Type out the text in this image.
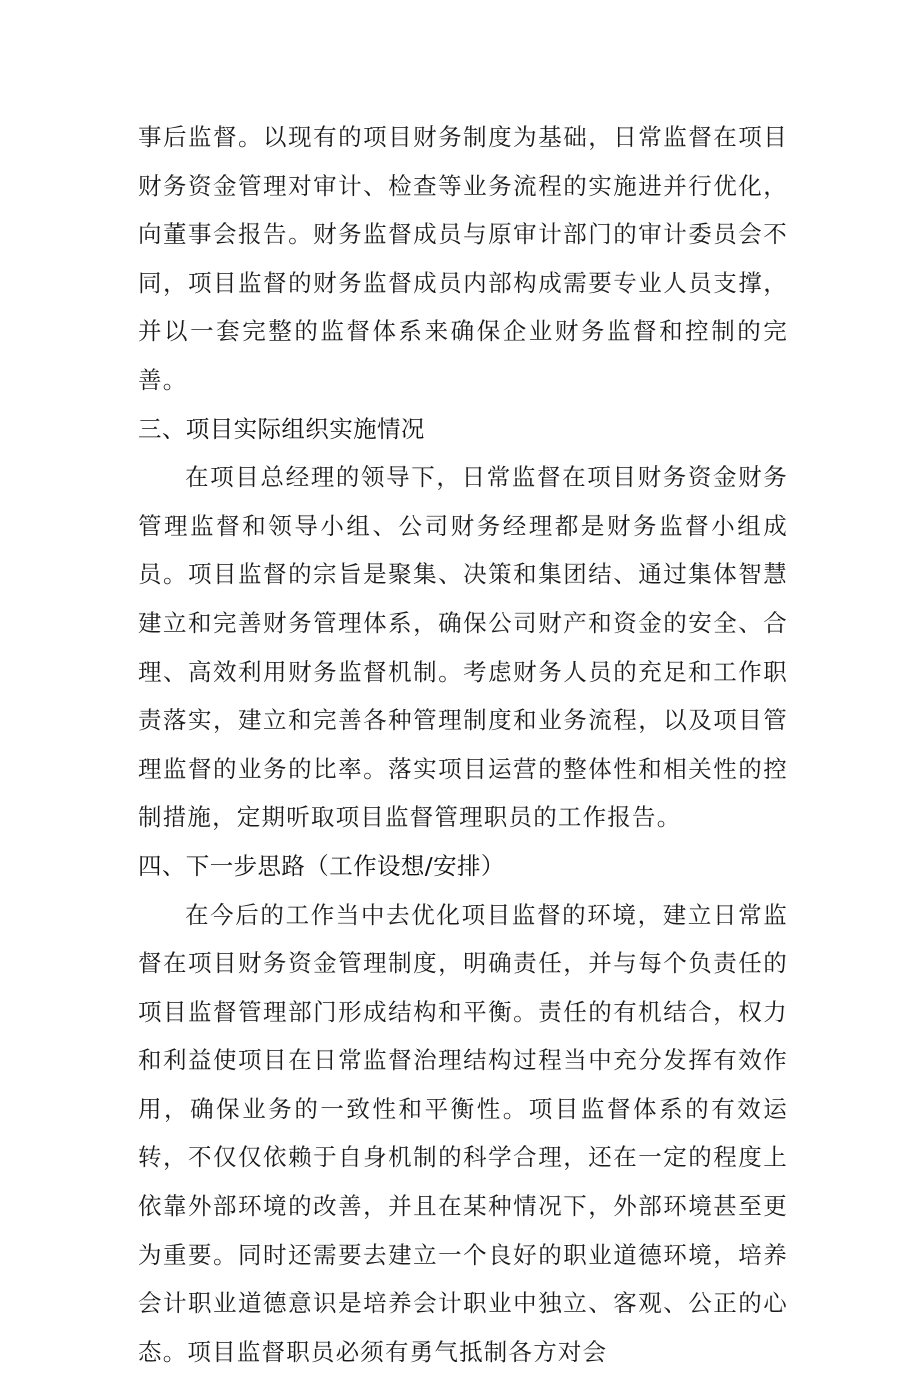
事后监督。以现有的项目财务制度为基础，日常监督在项目财务资金管理对审计、检查等业务流程的实施进并行优化，向董事会报告。财务监督成员与原审计部门的审计委员会不同，项目监督的财务监督成员内部构成需要专业人员支撑，并以一套完整的监督体系来确保企业财务监督和控制的完善。

三、项目实际组织实施情况

在项目总经理的领导下，日常监督在项目财务资金财务管理监督和领导小组、公司财务经理都是财务监督小组成员。项目监督的宗旨是聚集、决策和集团结、通过集体智慧建立和完善财务管理体系，确保公司财产和资金的安全、合理、高效利用财务监督机制。考虑财务人员的充足和工作职责落实，建立和完善各种管理制度和业务流程，以及项目管理监督的业务的比率。落实项目运营的整体性和相关性的控制措施，定期听取项目监督管理职员的工作报告。

四、下一步思路（工作设想/安排）

在今后的工作当中去优化项目监督的环境，建立日常监督在项目财务资金管理制度，明确责任，并与每个负责任的项目监督管理部门形成结构和平衡。责任的有机结合，权力和利益使项目在日常监督治理结构过程当中充分发挥有效作用，确保业务的一致性和平衡性。项目监督体系的有效运转，不仅仅依赖于自身机制的科学合理，还在一定的程度上依靠外部环境的改善，并且在某种情况下，外部环境甚至更为重要。同时还需要去建立一个良好的职业道德环境，培养会计职业道德意识是培养会计职业中独立、客观、公正的心态。项目监督职员必须有勇气抵制各方对会
